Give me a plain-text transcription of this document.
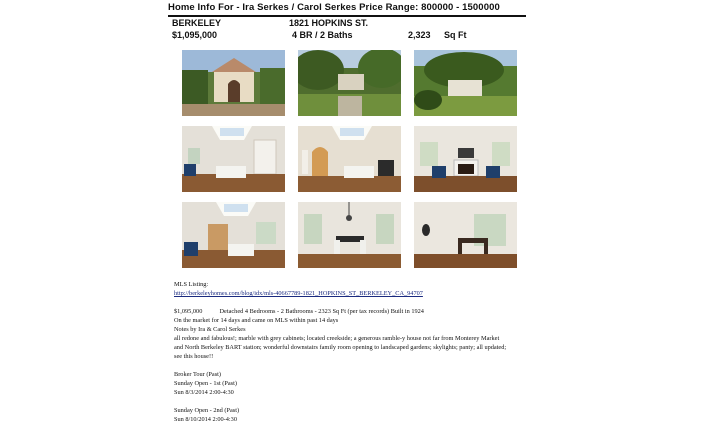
Home Info For - Ira Serkes / Carol Serkes Price Range: 800000 - 1500000
BERKELEY	1821 HOPKINS ST.
$1,095,000	4 BR / 2 Baths	2,323 Sq Ft
MLS Listing:
http://berkeleyhomes.com/blog/idx/mls-40667789-1821_HOPKINS_ST_BERKELEY_CA_94707
$1,095,000	Detached 4 Bedrooms - 2 Bathrooms - 2323 Sq Ft (per tax records) Built in 1924
On the market for 14 days and came on MLS within past 14 days
Notes by Ira & Carol Serkes
all redone and fabulous!; marble with grey cabinets; located creekside; a generous ramble-y house not far from Monterey Market
and North Berkeley BART station; wonderful downstairs family room opening to landscaped gardens; skylights; panty; all updated;
see this house!!
Broker Tour (Past)
Sunday Open - 1st (Past)
Sun 8/3/2014 2:00-4:30
Sunday Open - 2nd (Past)
Sun 8/10/2014 2:00-4:30
